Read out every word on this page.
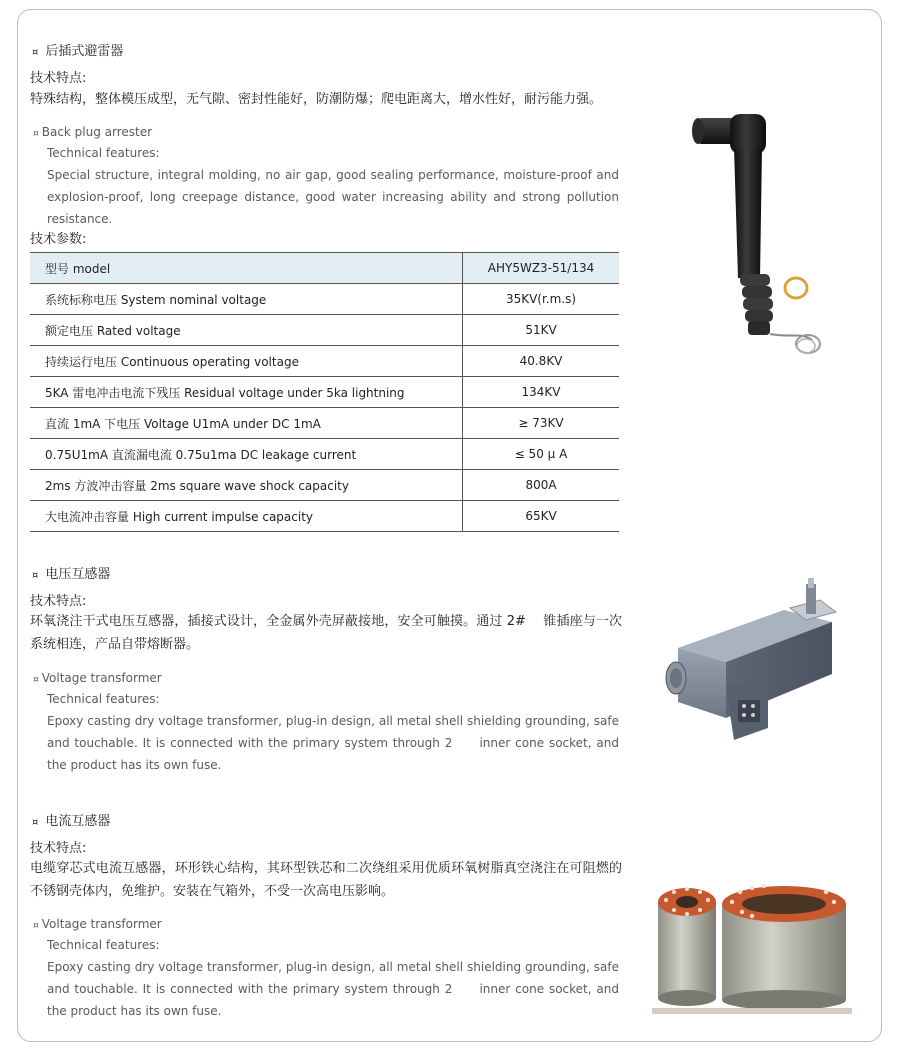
¤ 后插式避雷器
技术特点:
特殊结构，整体模压成型，无气隙、密封性能好，防潮防爆；爬电距离大，增水性好，耐污能力强。
¤ Back plug arrester
Technical features:
Special structure, integral molding, no air gap, good sealing performance, moisture-proof and explosion-proof, long creepage distance, good water increasing ability and strong pollution resistance.
技术参数:
型号 model	AHY5WZ3-51/134
系统标称电压 System nominal voltage	35KV(r.m.s)
额定电压 Rated voltage	51KV
持续运行电压 Continuous operating voltage	40.8KV
5KA 雷电冲击电流下残压 Residual voltage under 5ka lightning	134KV
直流 1mA 下电压 Voltage U1mA under DC 1mA	≥ 73KV
0.75U1mA 直流漏电流 0.75u1ma DC leakage current	≤ 50 μ A
2ms 方波冲击容量 2ms square wave shock capacity	800A
大电流冲击容量 High current impulse capacity	65KV
¤ 电压互感器
技术特点:
环氧浇注干式电压互感器，插接式设计，全金属外壳屏蔽接地，安全可触摸。通过 2#　 锥插座与一次系统相连，产品自带熔断器。
¤ Voltage transformer
Technical features:
Epoxy casting dry voltage transformer, plug-in design, all metal shell shielding grounding, safe and touchable. It is connected with the primary system through 2　　inner cone socket, and the product has its own fuse.
¤ 电流互感器
技术特点:
电缆穿芯式电流互感器，环形铁心结构，其环型铁芯和二次绕组采用优质环氧树脂真空浇注在可阻燃的不锈钢壳体内，免维护。安装在气箱外，不受一次高电压影响。
¤ Voltage transformer
Technical features:
Epoxy casting dry voltage transformer, plug-in design, all metal shell shielding grounding, safe and touchable. It is connected with the primary system through 2　　inner cone socket, and the product has its own fuse.
